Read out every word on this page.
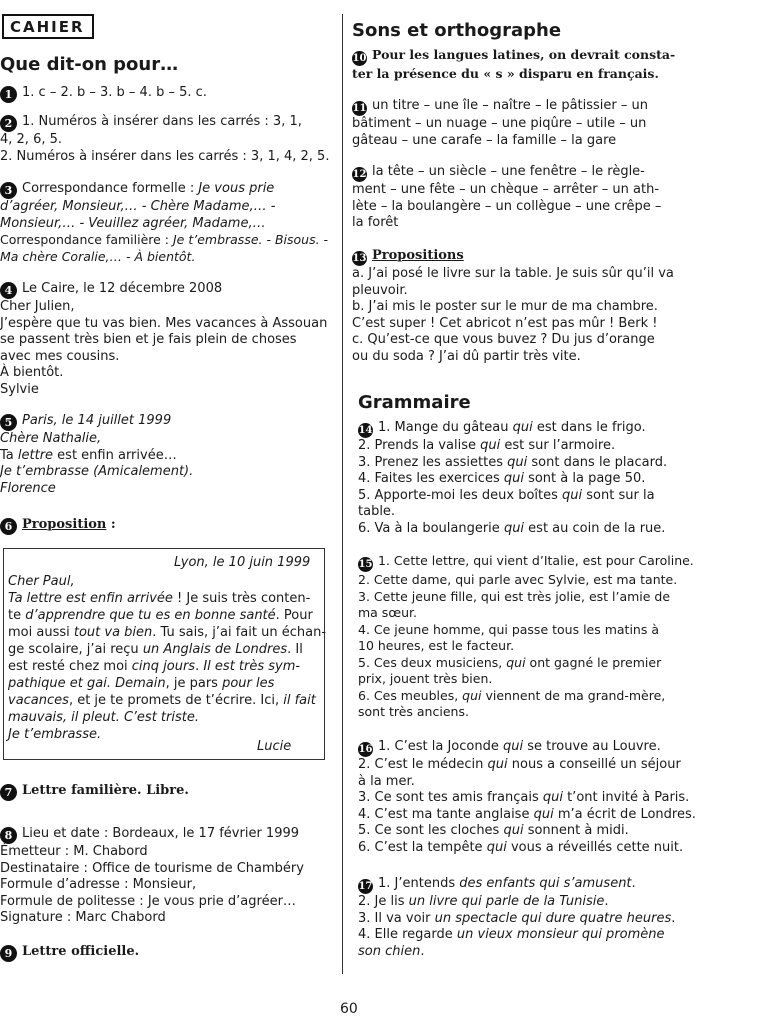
CAHIER
Que dit-on pour…
1 1. c – 2. b – 3. b – 4. b – 5. c.
2 1. Numéros à insérer dans les carrés : 3, 1,
4, 2, 6, 5.
2. Numéros à insérer dans les carrés : 3, 1, 4, 2, 5.
3 Correspondance formelle : Je vous prie
d’agréer, Monsieur,… - Chère Madame,… -
Monsieur,… - Veuillez agréer, Madame,…
Correspondance familière : Je t’embrasse. - Bisous. -
Ma chère Coralie,… - À bientôt.
4 Le Caire, le 12 décembre 2008
Cher Julien,
J’espère que tu vas bien. Mes vacances à Assouan
se passent très bien et je fais plein de choses
avec mes cousins.
À bientôt.
Sylvie
5 Paris, le 14 juillet 1999
Chère Nathalie,
Ta lettre est enfin arrivée…
Je t’embrasse (Amicalement).
Florence
6 Proposition :
Lyon, le 10 juin 1999
Cher Paul,
Ta lettre est enfin arrivée ! Je suis très conten-
te d’apprendre que tu es en bonne santé. Pour
moi aussi tout va bien. Tu sais, j’ai fait un échan-
ge scolaire, j’ai reçu un Anglais de Londres. Il
est resté chez moi cinq jours. Il est très sym-
pathique et gai. Demain, je pars pour les
vacances, et je te promets de t’écrire. Ici, il fait
mauvais, il pleut. C’est triste.
Je t’embrasse.
Lucie
7 Lettre familière. Libre.
8 Lieu et date : Bordeaux, le 17 février 1999
Émetteur : M. Chabord
Destinataire : Office de tourisme de Chambéry
Formule d’adresse : Monsieur,
Formule de politesse : Je vous prie d’agréer…
Signature : Marc Chabord
9 Lettre officielle.
Sons et orthographe
10 Pour les langues latines, on devrait consta-
ter la présence du « s » disparu en français.
11 un titre – une île – naître – le pâtissier – un
bâtiment – un nuage – une piqûre – utile – un
gâteau – une carafe – la famille – la gare
12 la tête – un siècle – une fenêtre – le règle-
ment – une fête – un chèque – arrêter – un ath-
lète – la boulangère – un collègue – une crêpe –
la forêt
13 Propositions
a. J’ai posé le livre sur la table. Je suis sûr qu’il va
pleuvoir.
b. J’ai mis le poster sur le mur de ma chambre.
C’est super ! Cet abricot n’est pas mûr ! Berk !
c. Qu’est-ce que vous buvez ? Du jus d’orange
ou du soda ? J’ai dû partir très vite.
Grammaire
14 1. Mange du gâteau qui est dans le frigo.
2. Prends la valise qui est sur l’armoire.
3. Prenez les assiettes qui sont dans le placard.
4. Faites les exercices qui sont à la page 50.
5. Apporte-moi les deux boîtes qui sont sur la
table.
6. Va à la boulangerie qui est au coin de la rue.
15 1. Cette lettre, qui vient d’Italie, est pour Caroline.
2. Cette dame, qui parle avec Sylvie, est ma tante.
3. Cette jeune fille, qui est très jolie, est l’amie de
ma sœur.
4. Ce jeune homme, qui passe tous les matins à
10 heures, est le facteur.
5. Ces deux musiciens, qui ont gagné le premier
prix, jouent très bien.
6. Ces meubles, qui viennent de ma grand-mère,
sont très anciens.
16 1. C’est la Joconde qui se trouve au Louvre.
2. C’est le médecin qui nous a conseillé un séjour
à la mer.
3. Ce sont tes amis français qui t’ont invité à Paris.
4. C’est ma tante anglaise qui m’a écrit de Londres.
5. Ce sont les cloches qui sonnent à midi.
6. C’est la tempête qui vous a réveillés cette nuit.
17 1. J’entends des enfants qui s’amusent.
2. Je lis un livre qui parle de la Tunisie.
3. Il va voir un spectacle qui dure quatre heures.
4. Elle regarde un vieux monsieur qui promène
son chien.
60
